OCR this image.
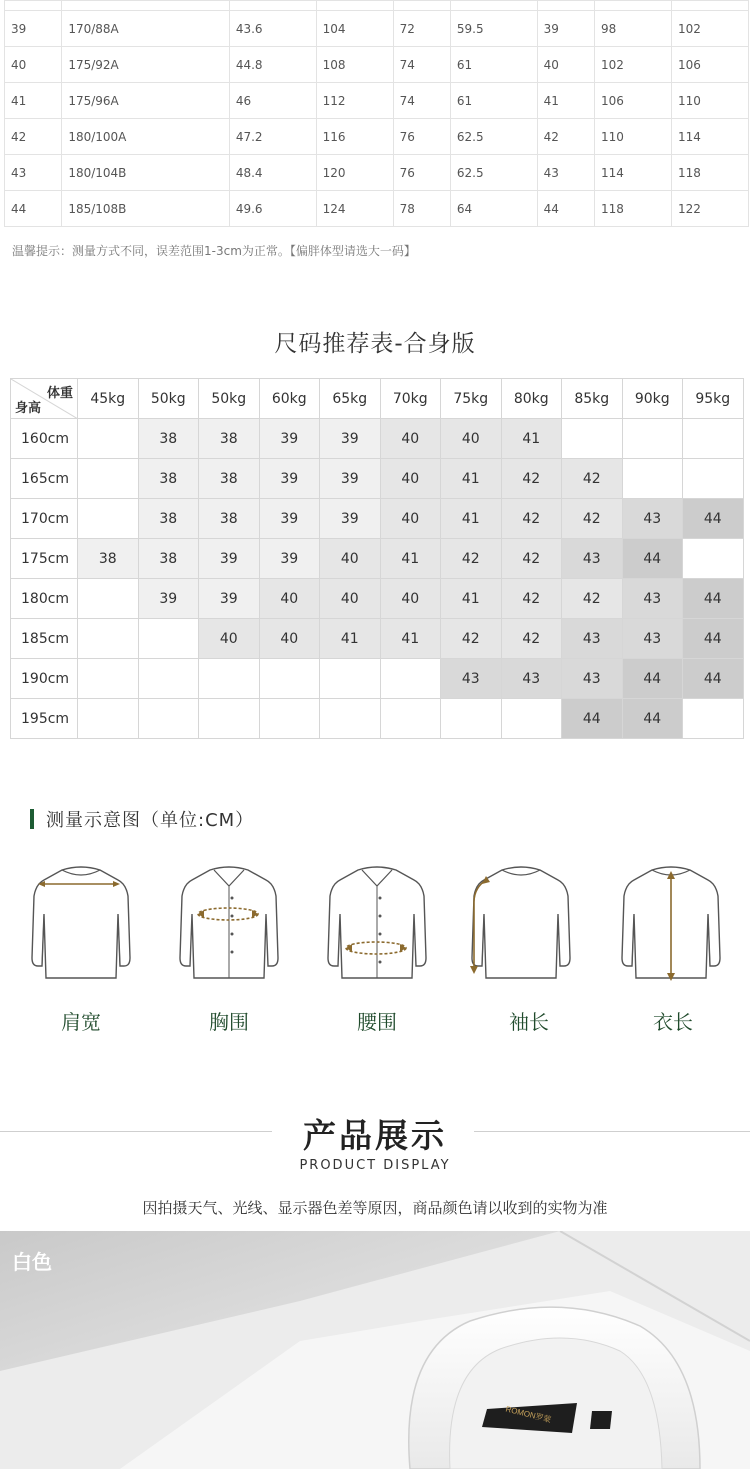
39	170/88A	43.6	104	72	59.5	39	98	102
40	175/92A	44.8	108	74	61	40	102	106
41	175/96A	46	112	74	61	41	106	110
42	180/100A	47.2	116	76	62.5	42	110	114
43	180/104B	48.4	120	76	62.5	43	114	118
44	185/108B	49.6	124	78	64	44	118	122
温馨提示：测量方式不同，误差范围1-3cm为正常。【偏胖体型请选大一码】
尺码推荐表-合身版
体重
身高	45kg	50kg	50kg	60kg	65kg	70kg	75kg	80kg	85kg	90kg	95kg
160cm		38	38	39	39	40	40	41			
165cm		38	38	39	39	40	41	42	42		
170cm		38	38	39	39	40	41	42	42	43	44
175cm	38	38	39	39	40	41	42	42	43	44	
180cm		39	39	40	40	40	41	42	42	43	44
185cm			40	40	41	41	42	42	43	43	44
190cm							43	43	43	44	44
195cm									44	44	
测量示意图（单位:CM）
肩宽	胸围	腰围	袖长	衣长
产品展示
PRODUCT DISPLAY
因拍摄天气、光线、显示器色差等原因，商品颜色请以收到的实物为准
ROMON罗蒙
白色
